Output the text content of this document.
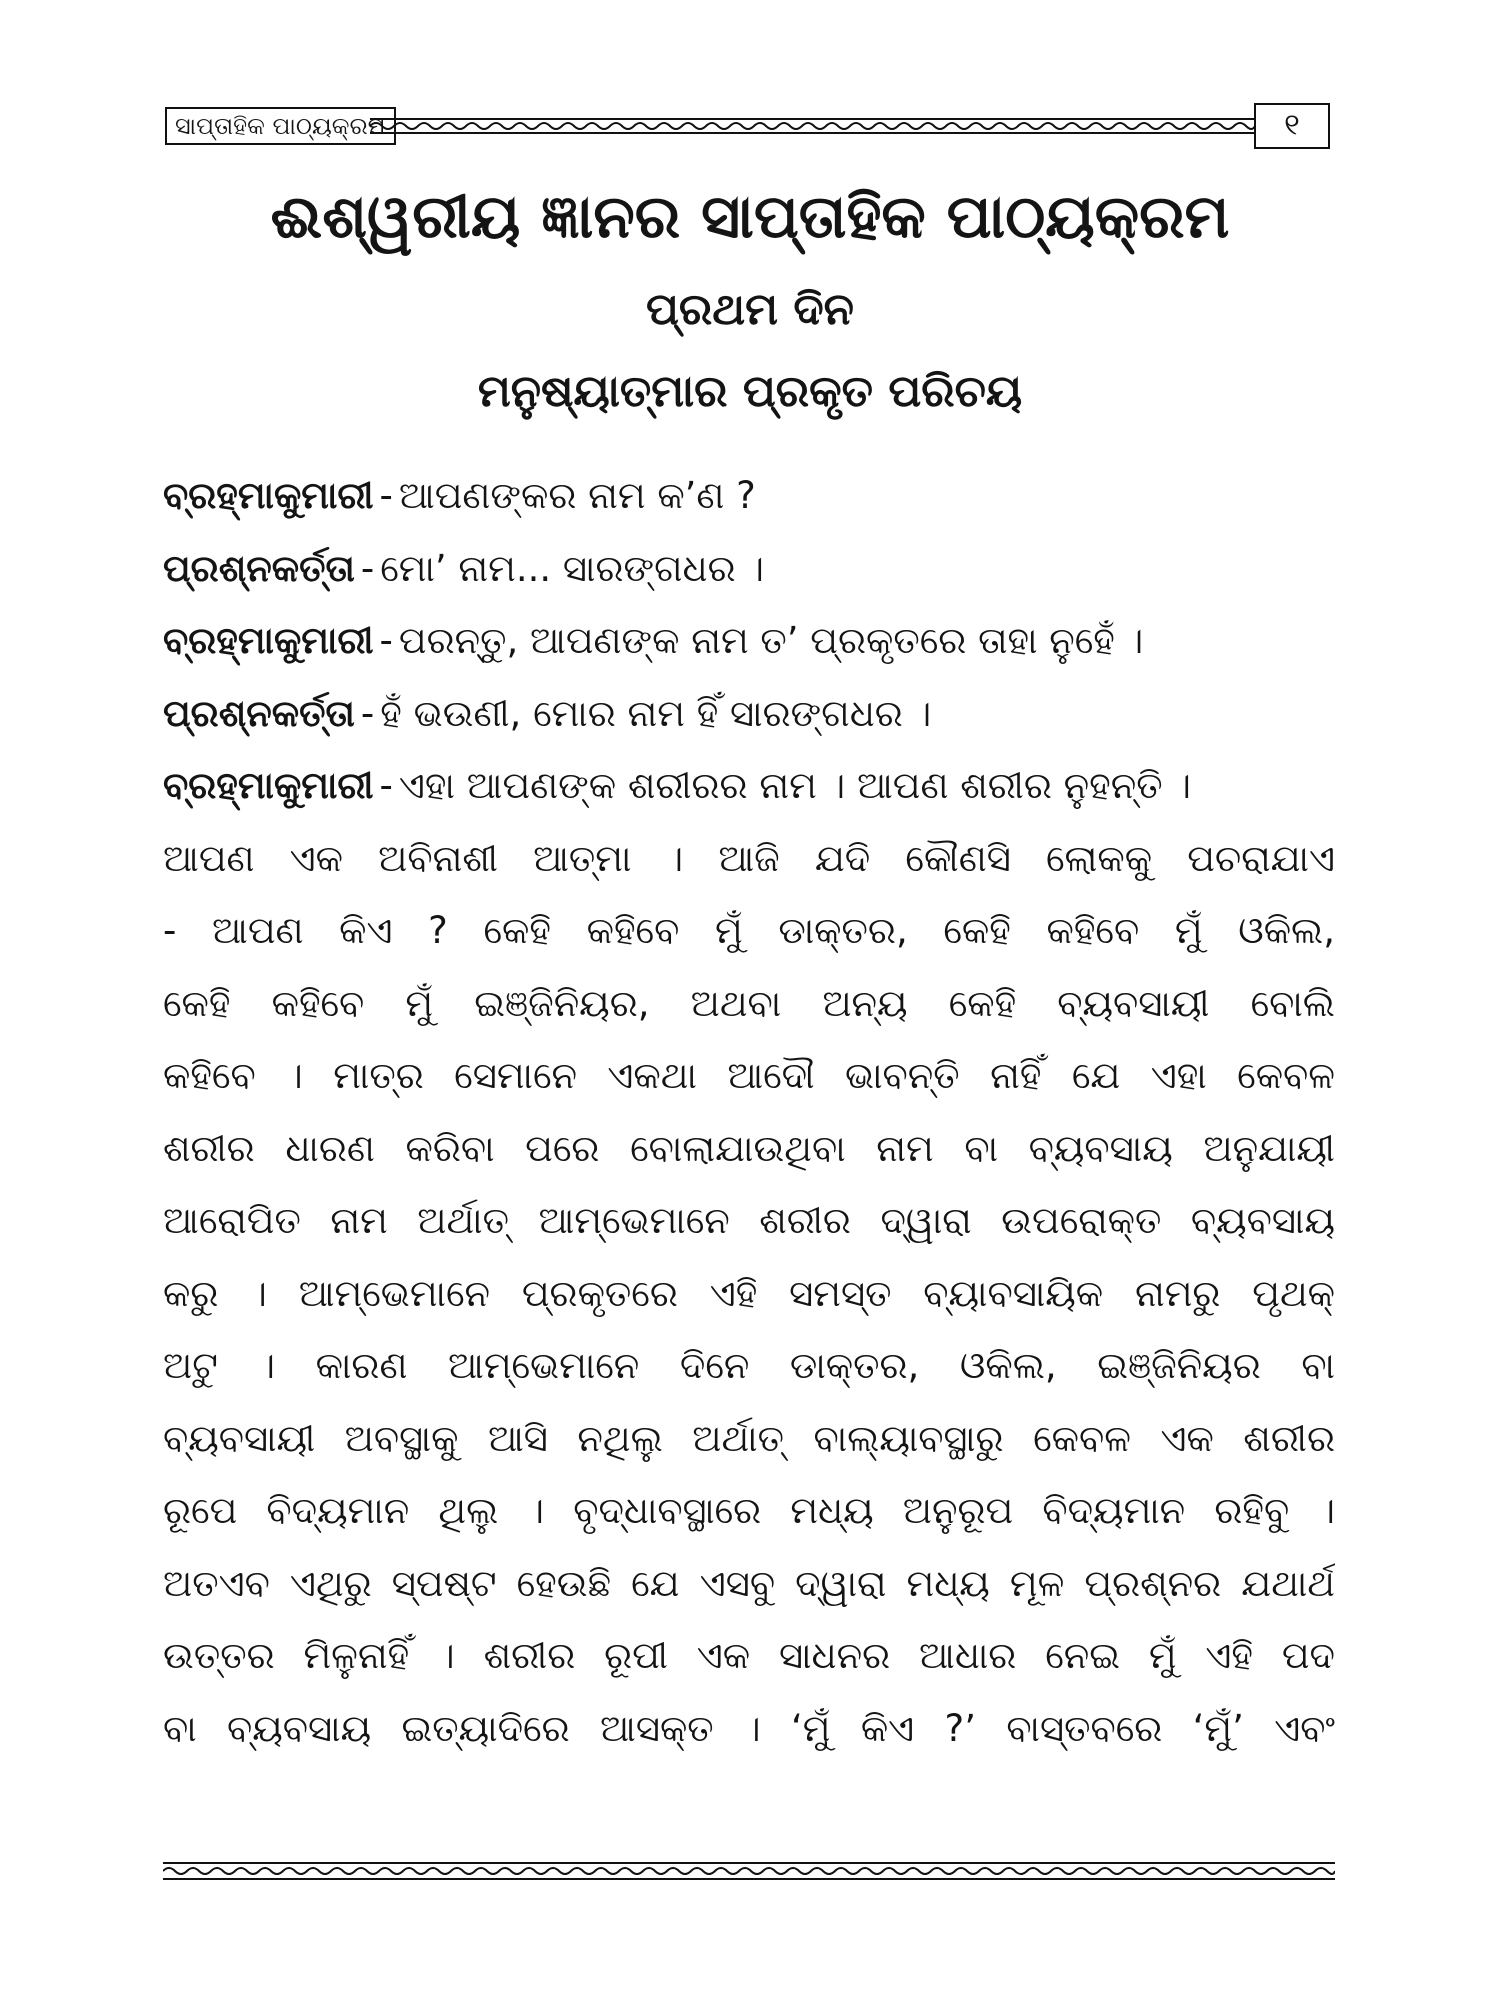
ସାପ୍ତାହିକ ପାଠ୍ୟକ୍ରମ	୧
ଈଶ୍ୱରୀୟ ଜ୍ଞାନର ସାପ୍ତାହିକ ପାଠ୍ୟକ୍ରମ
ପ୍ରଥମ ଦିନ
ମନୁଷ୍ୟାତ୍ମାର ପ୍ରକୃତ ପରିଚୟ
ବ୍ରହ୍ମାକୁମାରୀ - ଆପଣଙ୍କର ନାମ କ’ଣ ?
ପ୍ରଶ୍ନକର୍ତ୍ତା - ମୋ’ ନାମ... ସାରଙ୍ଗଧର ।
ବ୍ରହ୍ମାକୁମାରୀ - ପରନ୍ତୁ, ଆପଣଙ୍କ ନାମ ତ’ ପ୍ରକୃତରେ ତାହା ନୁହେଁ ।
ପ୍ରଶ୍ନକର୍ତ୍ତା - ହଁ ଭଉଣୀ, ମୋର ନାମ ହିଁ ସାରଙ୍ଗଧର ।
ବ୍ରହ୍ମାକୁମାରୀ - ଏହା ଆପଣଙ୍କ ଶରୀରର ନାମ । ଆପଣ ଶରୀର ନୁହନ୍ତି ।
ଆପଣ ଏକ ଅବିନାଶୀ ଆତ୍ମା । ଆଜି ଯଦି କୌଣସି ଲୋକକୁ ପଚରାଯାଏ
- ଆପଣ କିଏ ? କେହି କହିବେ ମୁଁ ଡାକ୍ତର, କେହି କହିବେ ମୁଁ ଓକିଲ,
କେହି କହିବେ ମୁଁ ଇଞ୍ଜିନିୟର, ଅଥବା ଅନ୍ୟ କେହି ବ୍ୟବସାୟୀ ବୋଲି
କହିବେ । ମାତ୍ର ସେମାନେ ଏକଥା ଆଦୌ ଭାବନ୍ତି ନାହିଁ ଯେ ଏହା କେବଳ
ଶରୀର ଧାରଣ କରିବା ପରେ ବୋଲାଯାଉଥିବା ନାମ ବା ବ୍ୟବସାୟ ଅନୁଯାୟୀ
ଆରୋପିତ ନାମ ଅର୍ଥାତ୍ ଆମ୍ଭେମାନେ ଶରୀର ଦ୍ୱାରା ଉପରୋକ୍ତ ବ୍ୟବସାୟ
କରୁ । ଆମ୍ଭେମାନେ ପ୍ରକୃତରେ ଏହି ସମସ୍ତ ବ୍ୟାବସାୟିକ ନାମରୁ ପୃଥକ୍
ଅଟୁ । କାରଣ ଆମ୍ଭେମାନେ ଦିନେ ଡାକ୍ତର, ଓକିଲ, ଇଞ୍ଜିନିୟର ବା
ବ୍ୟବସାୟୀ ଅବସ୍ଥାକୁ ଆସି ନଥିଲୁ ଅର୍ଥାତ୍ ବାଲ୍ୟାବସ୍ଥାରୁ କେବଳ ଏକ ଶରୀର
ରୂପେ ବିଦ୍ୟମାନ ଥିଲୁ । ବୃଦ୍ଧାବସ୍ଥାରେ ମଧ୍ୟ ଅନୁରୂପ ବିଦ୍ୟମାନ ରହିବୁ ।
ଅତଏବ ଏଥିରୁ ସ୍ପଷ୍ଟ ହେଉଛି ଯେ ଏସବୁ ଦ୍ୱାରା ମଧ୍ୟ ମୂଳ ପ୍ରଶ୍ନର ଯଥାର୍ଥ
ଉତ୍ତର ମିଳୁନାହିଁ । ଶରୀର ରୂପୀ ଏକ ସାଧନର ଆଧାର ନେଇ ମୁଁ ଏହି ପଦ
ବା ବ୍ୟବସାୟ ଇତ୍ୟାଦିରେ ଆସକ୍ତ । ‘ମୁଁ କିଏ ?’ ବାସ୍ତବରେ ‘ମୁଁ’ ଏବଂ
